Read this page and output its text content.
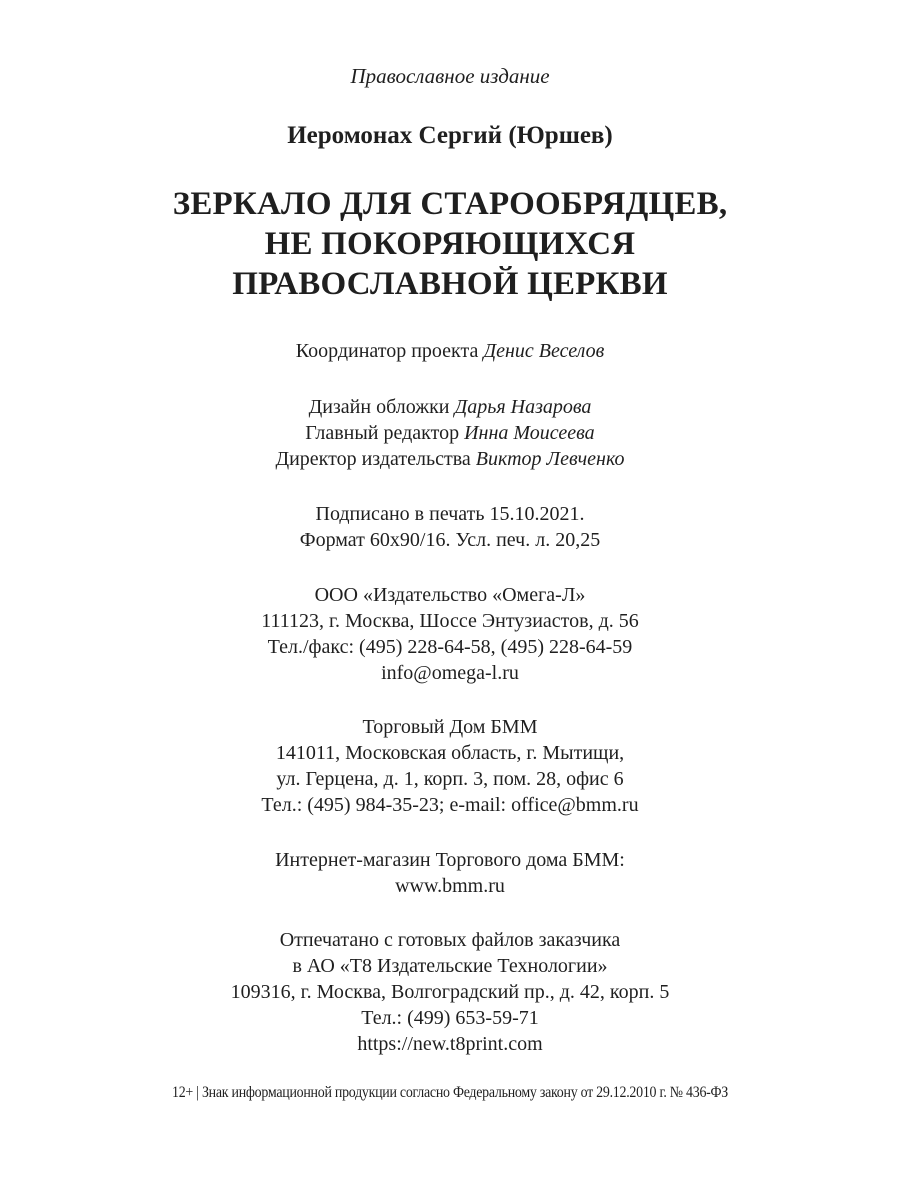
Православное издание
Иеромонах Сергий (Юршев)
ЗЕРКАЛО ДЛЯ СТАРООБРЯДЦЕВ,
НЕ ПОКОРЯЮЩИХСЯ
ПРАВОСЛАВНОЙ ЦЕРКВИ
Координатор проекта Денис Веселов
Дизайн обложки Дарья Назарова
Главный редактор Инна Моисеева
Директор издательства Виктор Левченко
Подписано в печать 15.10.2021.
Формат 60x90/16. Усл. печ. л. 20,25
ООО «Издательство «Омега-Л»
111123, г. Москва, Шоссе Энтузиастов, д. 56
Тел./факс: (495) 228-64-58, (495) 228-64-59
info@omega-l.ru
Торговый Дом БММ
141011, Московская область, г. Мытищи,
ул. Герцена, д. 1, корп. 3, пом. 28, офис 6
Тел.: (495) 984-35-23; e-mail: office@bmm.ru
Интернет-магазин Торгового дома БММ:
www.bmm.ru
Отпечатано с готовых файлов заказчика
в АО «Т8 Издательские Технологии»
109316, г. Москва, Волгоградский пр., д. 42, корп. 5
Тел.: (499) 653-59-71
https://new.t8print.com
12+ | Знак информационной продукции согласно Федеральному закону от 29.12.2010 г. № 436-ФЗ
